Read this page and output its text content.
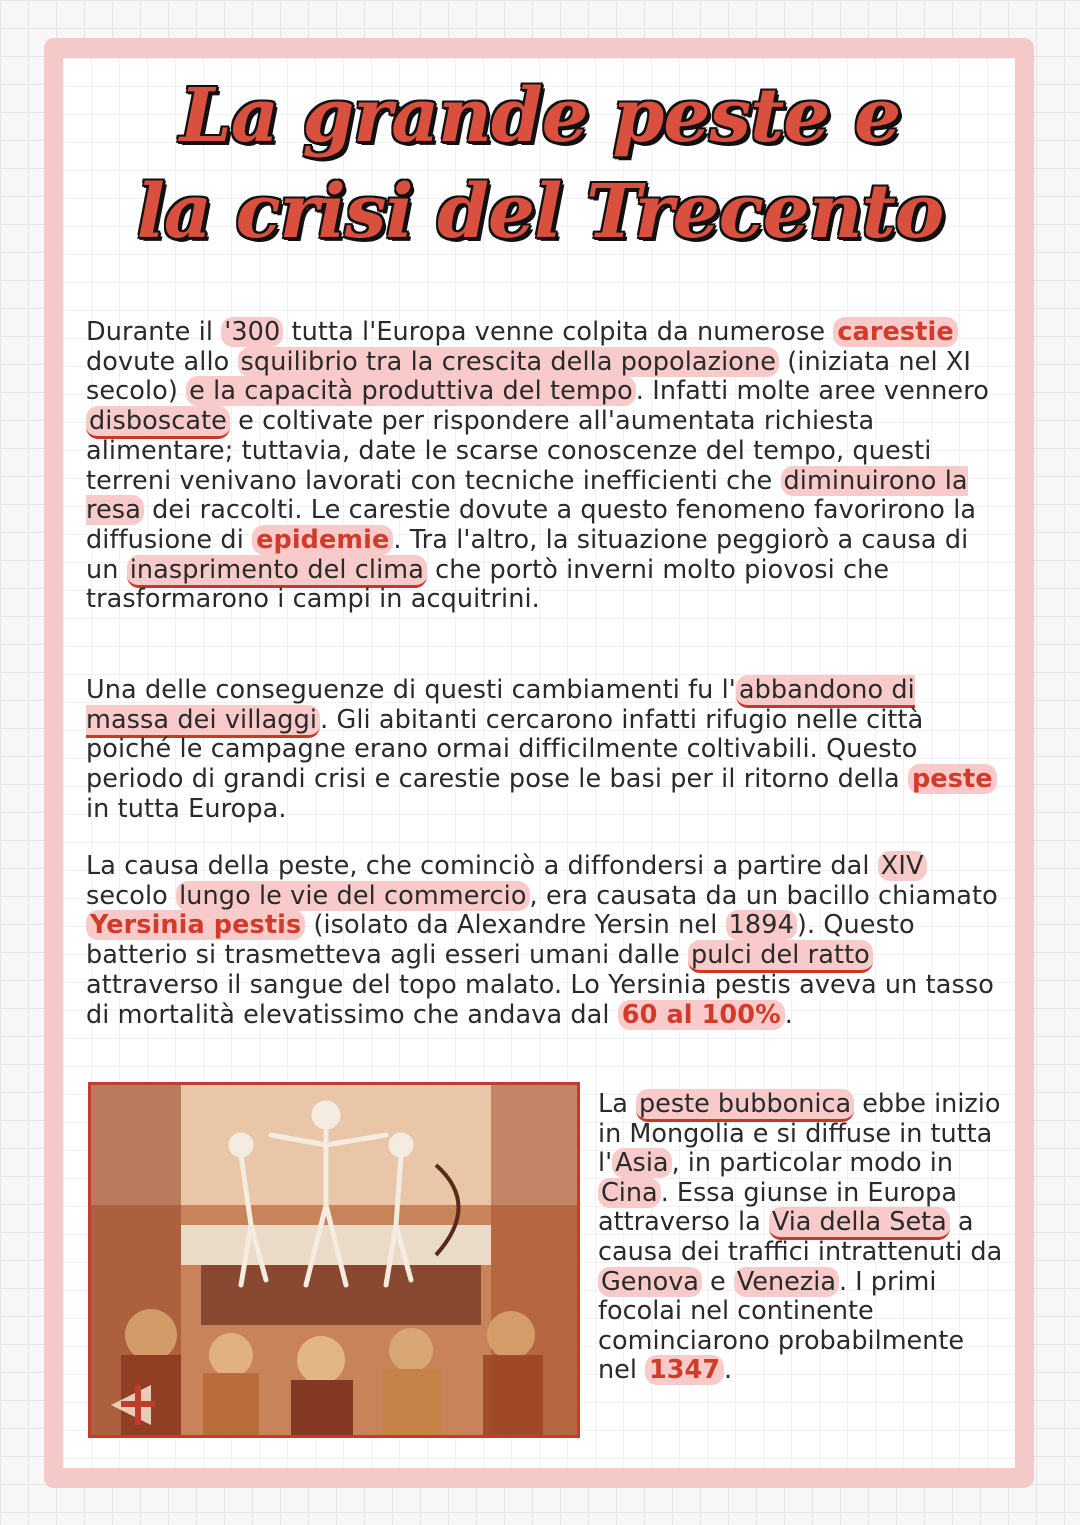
La grande peste e
la crisi del Trecento

Durante il '300 tutta l'Europa venne colpita da numerose carestie dovute allo squilibrio tra la crescita della popolazione (iniziata nel XI secolo) e la capacità produttiva del tempo . Infatti molte aree vennero disboscate e coltivate per rispondere all'aumentata richiesta alimentare; tuttavia, date le scarse conoscenze del tempo, questi terreni venivano lavorati con tecniche inefficienti che diminuirono la resa dei raccolti. Le carestie dovute a questo fenomeno favorirono la diffusione di epidemie . Tra l'altro, la situazione peggiorò a causa di un inasprimento del clima che portò inverni molto piovosi che trasformarono i campi in acquitrini.

Una delle conseguenze di questi cambiamenti fu l' abbandono di massa dei villaggi . Gli abitanti cercarono infatti rifugio nelle città poiché le campagne erano ormai difficilmente coltivabili. Questo periodo di grandi crisi e carestie pose le basi per il ritorno della peste in tutta Europa.

La causa della peste, che cominciò a diffondersi a partire dal XIV secolo lungo le vie del commercio , era causata da un bacillo chiamato Yersinia pestis (isolato da Alexandre Yersin nel 1894 ). Questo batterio si trasmetteva agli esseri umani dalle pulci del ratto attraverso il sangue del topo malato. Lo Yersinia pestis aveva un tasso di mortalità elevatissimo che andava dal 60 al 100% .

La peste bubbonica ebbe inizio in Mongolia e si diffuse in tutta l' Asia , in particolar modo in Cina . Essa giunse in Europa attraverso la Via della Seta a causa dei traffici intrattenuti da Genova e Venezia . I primi focolai nel continente cominciarono probabilmente nel 1347 .
